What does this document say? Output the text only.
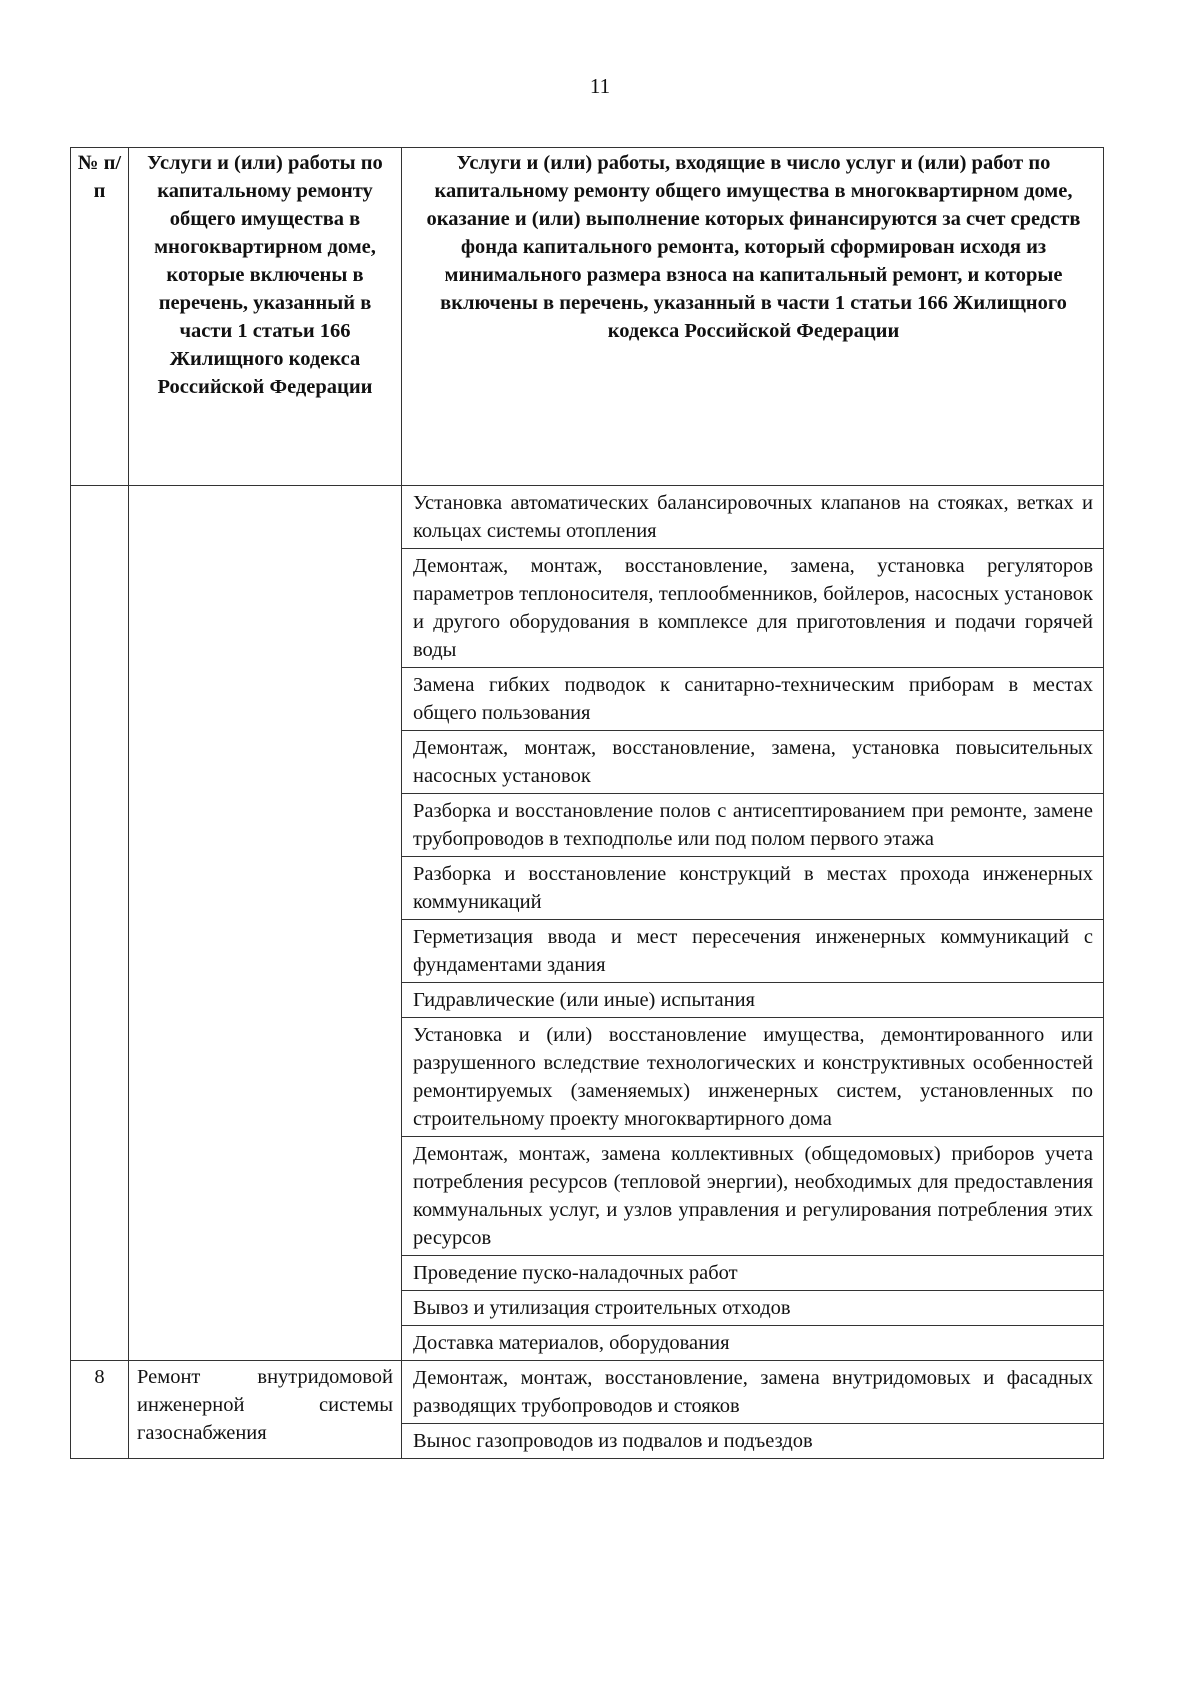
11
№ п/п	Услуги и (или) работы по капитальному ремонту общего имущества в многоквартирном доме, которые включены в перечень, указанный в части 1 статьи 166 Жилищного кодекса Российской Федерации	Услуги и (или) работы, входящие в число услуг и (или) работ по капитальному ремонту общего имущества в многоквартирном доме, оказание и (или) выполнение которых финансируются за счет средств фонда капитального ремонта, который сформирован исходя из минимального размера взноса на капитальный ремонт, и которые включены в перечень, указанный в части 1 статьи 166 Жилищного кодекса Российской Федерации
		Установка автоматических балансировочных клапанов на стояках, ветках и кольцах системы отопления
		Демонтаж, монтаж, восстановление, замена, установка регуляторов параметров теплоносителя, теплообменников, бойлеров, насосных установок и другого оборудования в комплексе для приготовления и подачи горячей воды
		Замена гибких подводок к санитарно-техническим приборам в местах общего пользования
		Демонтаж, монтаж, восстановление, замена, установка повысительных насосных установок
		Разборка и восстановление полов с антисептированием при ремонте, замене трубопроводов в техподполье или под полом первого этажа
		Разборка и восстановление конструкций в местах прохода инженерных коммуникаций
		Герметизация ввода и мест пересечения инженерных коммуникаций с фундаментами здания
		Гидравлические (или иные) испытания
		Установка и (или) восстановление имущества, демонтированного или разрушенного вследствие технологических и конструктивных особенностей ремонтируемых (заменяемых) инженерных систем, установленных по строительному проекту многоквартирного дома
		Демонтаж, монтаж, замена коллективных (общедомовых) приборов учета потребления ресурсов (тепловой энергии), необходимых для предоставления коммунальных услуг, и узлов управления и регулирования потребления этих ресурсов
		Проведение пуско-наладочных работ
		Вывоз и утилизация строительных отходов
		Доставка материалов, оборудования
8	Ремонт внутридомовой инженерной системы газоснабжения	Демонтаж, монтаж, восстановление, замена внутридомовых и фасадных разводящих трубопроводов и стояков
		Вынос газопроводов из подвалов и подъездов
